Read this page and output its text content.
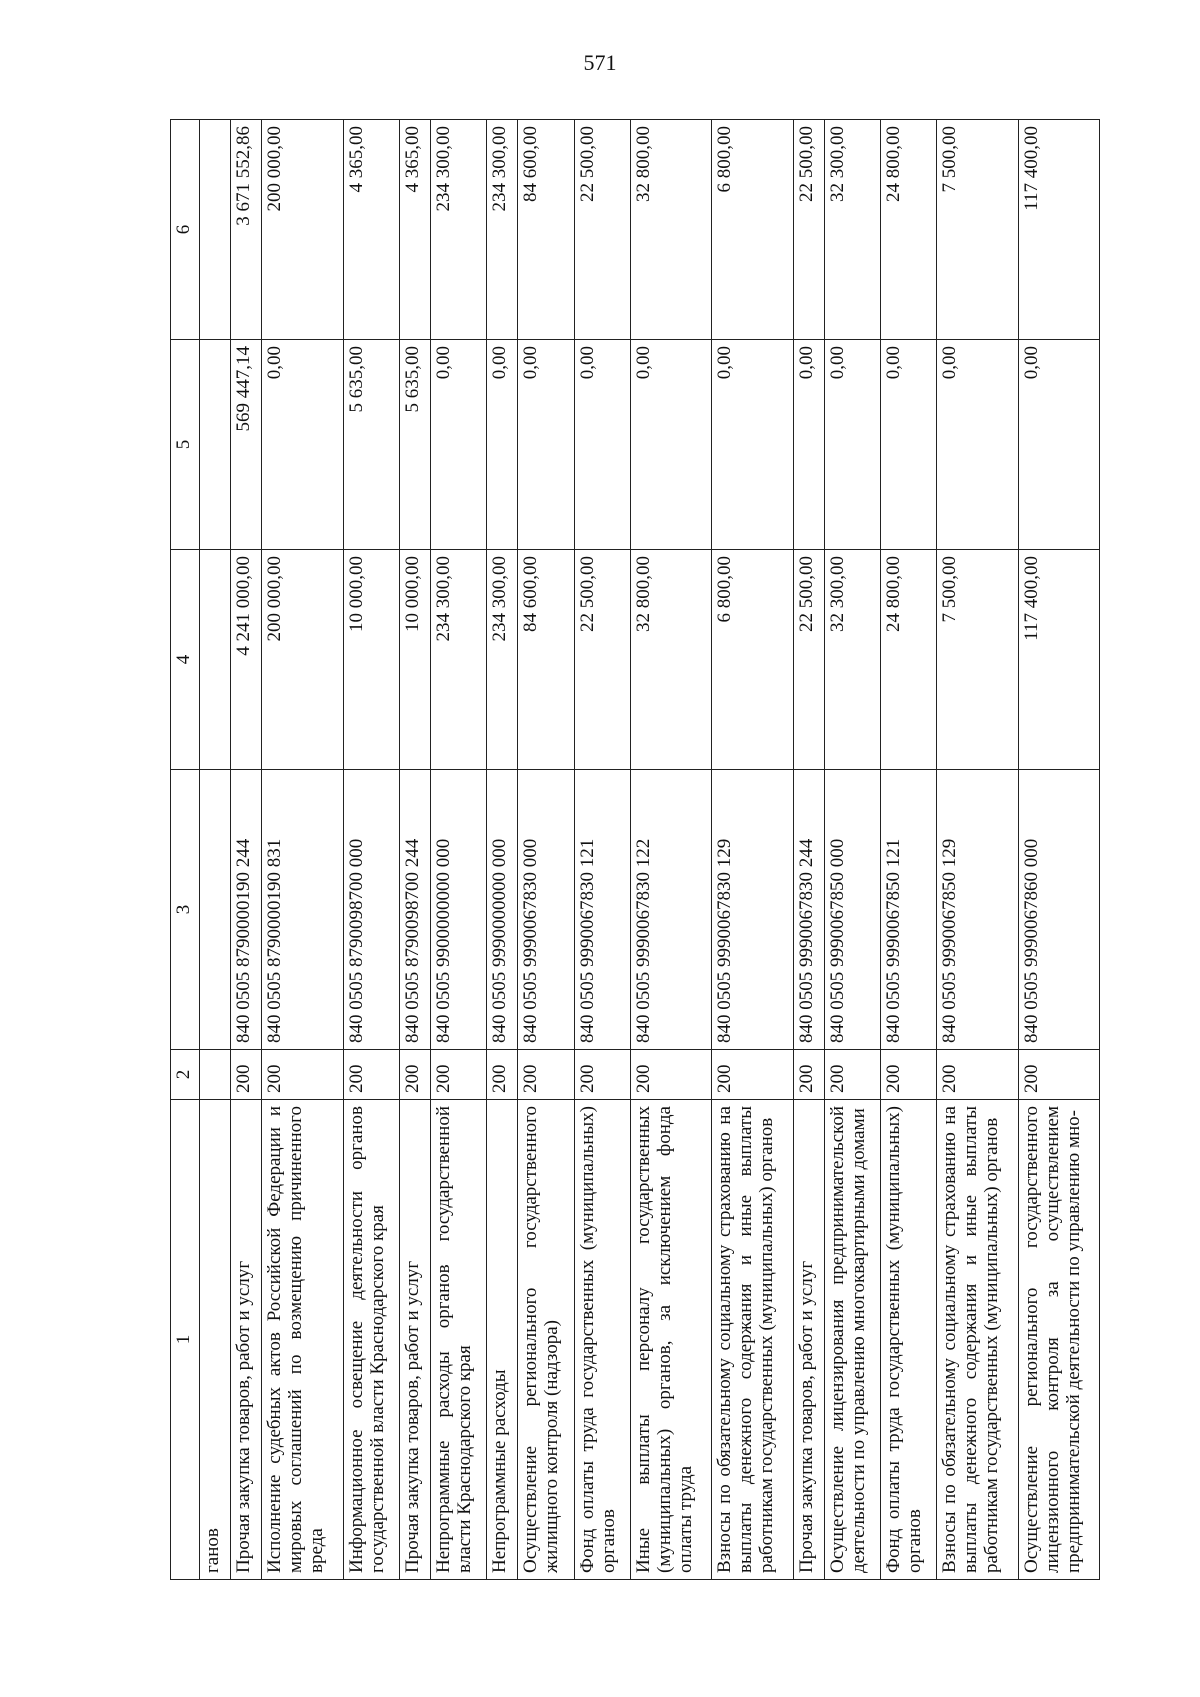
571
1	2	3	4	5	6
ганов					
Прочая закупка товаров, работ и услуг	200	840 0505 8790000190 244	4 241 000,00	569 447,14	3 671 552,86
Исполнение судебных актов Российской Федерации и мировых соглашений по возмещению причиненного вреда	200	840 0505 8790000190 831	200 000,00	0,00	200 000,00
Информационное освещение деятельности органов государственной власти Краснодарского края	200	840 0505 8790098700 000	10 000,00	5 635,00	4 365,00
Прочая закупка товаров, работ и услуг	200	840 0505 8790098700 244	10 000,00	5 635,00	4 365,00
Непрограммные расходы органов государственной власти Краснодарского края	200	840 0505 9900000000 000	234 300,00	0,00	234 300,00
Непрограммные расходы	200	840 0505 9990000000 000	234 300,00	0,00	234 300,00
Осуществление регионального государственного жилищного контроля (надзора)	200	840 0505 9990067830 000	84 600,00	0,00	84 600,00
Фонд оплаты труда государственных (муниципальных) органов	200	840 0505 9990067830 121	22 500,00	0,00	22 500,00
Иные выплаты персоналу государственных (муниципальных) органов, за исключением фонда оплаты труда	200	840 0505 9990067830 122	32 800,00	0,00	32 800,00
Взносы по обязательному социальному страхованию на выплаты денежного содержания и иные выплаты работникам государственных (муниципальных) органов	200	840 0505 9990067830 129	6 800,00	0,00	6 800,00
Прочая закупка товаров, работ и услуг	200	840 0505 9990067830 244	22 500,00	0,00	22 500,00
Осуществление лицензирования предпринимательской деятельности по управлению многоквартирными домами	200	840 0505 9990067850 000	32 300,00	0,00	32 300,00
Фонд оплаты труда государственных (муниципальных) органов	200	840 0505 9990067850 121	24 800,00	0,00	24 800,00
Взносы по обязательному социальному страхованию на выплаты денежного содержания и иные выплаты работникам государственных (муниципальных) органов	200	840 0505 9990067850 129	7 500,00	0,00	7 500,00
Осуществление регионального государственного лицензионного контроля за осуществлением предпринимательской деятельности по управлению мно-	200	840 0505 9990067860 000	117 400,00	0,00	117 400,00
